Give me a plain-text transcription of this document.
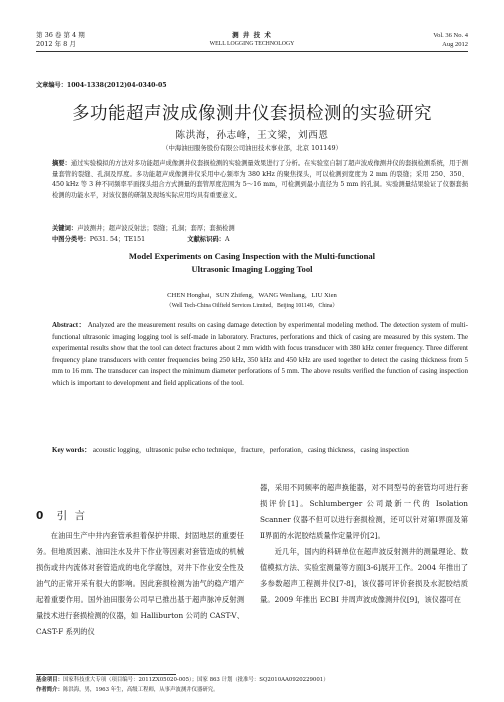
第 36 卷 第 4 期
2012 年 8 月
测 井 技 术
WELL LOGGING TECHNOLOGY
Vol. 36 No. 4
Aug 2012
文章编号：1004-1338(2012)04-0340-05
多功能超声波成像测井仪套损检测的实验研究
陈洪海，孙志峰，王文梁，刘西恩
（中海油田服务股份有限公司油田技术事业部，北京 101149）
摘要：通过实验模拟的方法对多功能超声成像测井仪套损检测的实验测量效果进行了分析。在实验室自制了超声波成像测井仪的套损检测系统，用于测量套管的裂缝、孔洞及厚度。多功能超声成像测井仪采用中心频率为 380 kHz 的聚焦探头，可以检测到宽度为 2 mm 的裂缝；采用 250、350、450 kHz 等 3 种不同频率平面探头组合方式测量的套管厚度范围为 5～16 mm，可检测到最小直径为 5 mm 的孔洞。实验测量结果验证了仪器套损检测的功能水平，对该仪器的研制及现场实际应用均具有重要意义。
关键词：声波测井；超声波反射法；裂缝；孔洞；套厚；套损检测
中图分类号：P631. 54；TE151	文献标识码：A
Model Experiments on Casing Inspection with the Multi-functional
Ultrasonic Imaging Logging Tool
CHEN Honghai，SUN Zhifeng，WANG Wenliang，LIU Xien
（Well Tech-China Oilfield Services Limited，Beijing 101149，China）
Abstract： Analyzed are the measurement results on casing damage detection by experimental modeling method. The detection system of multi-functional ultrasonic imaging logging tool is self-made in laboratory. Fractures, perforations and thick of casing are measured by this system. The experimental results show that the tool can detect fractures about 2 mm width with focus transducer with 380 kHz center frequency. Three different frequency plane transducers with center frequencies being 250 kHz, 350 kHz and 450 kHz are used together to detect the casing thickness from 5 mm to 16 mm. The transducer can inspect the minimum diameter perforations of 5 mm. The above results verified the function of casing inspection which is important to development and field applications of the tool.
Key words： acoustic logging，ultrasonic pulse echo technique，fracture，perforation，casing thickness，casing inspection
0 引 言
在油田生产中井内套管承担着保护井眼、封固地层的重要任务。但地质因素、油田注水及井下作业等因素对套管造成的机械损伤或井内流体对套管造成的电化学腐蚀，对井下作业安全性及油气的正常开采有很大的影响。因此套损检测为油气的稳产增产起着重要作用。国外油田服务公司早已推出基于超声脉冲反射测量技术进行套损检测的仪器，如 Halliburton 公司的 CAST-V、CAST-F 系列的仪
器，采用不同频率的超声换能器，对不同型号的套管均可进行套损评价[1]。Schlumberger 公司最新一代的 Isolation Scanner 仪器不但可以进行套损检测，还可以针对第Ⅰ界面及第Ⅱ界面的水泥胶结质量作定量评价[2]。
近几年，国内的科研单位在超声波反射测井的测量理论、数值模拟方法、实验室测量等方面[3-6]展开工作。2004 年推出了多参数超声工程测井仪[7-8]，该仪器可评价套损及水泥胶结质量。2009 年推出 ECBI 井周声波成像测井仪[9]，该仪器可在
基金项目：国家科技重大专项（项目编号：2011ZX05020-005）；国家 863 计划（批准号：SQ2010AA0920229001）
作者简介：陈洪海，男，1963 年生，高级工程师，从事声波测井仪器研究。
